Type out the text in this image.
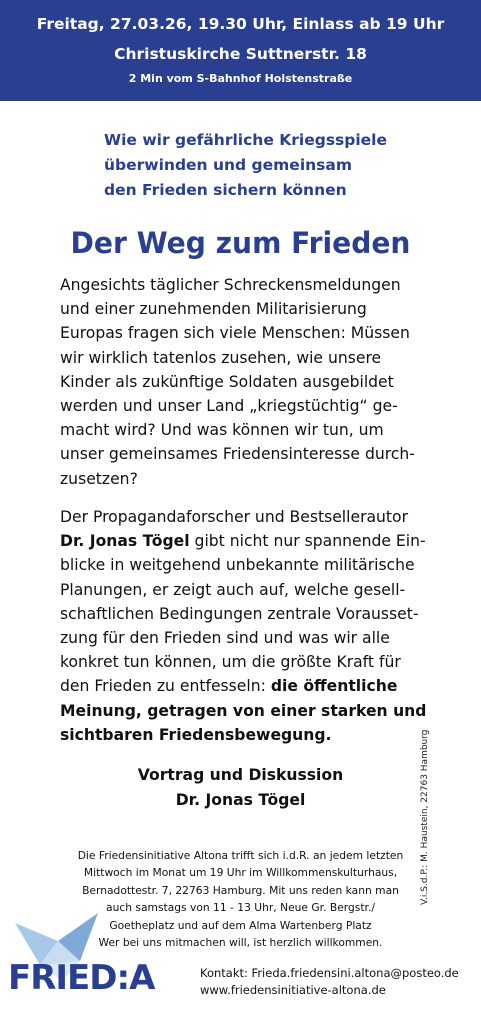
Freitag, 27.03.26, 19.30 Uhr, Einlass ab 19 Uhr
Christuskirche Suttnerstr. 18
2 Min vom S-Bahnhof Holstenstraße
Wie wir gefährliche Kriegsspiele
überwinden und gemeinsam
den Frieden sichern können
Der Weg zum Frieden
Angesichts täglicher Schreckensmeldungen
und einer zunehmenden Militarisierung
Europas fragen sich viele Menschen: Müssen
wir wirklich tatenlos zusehen, wie unsere
Kinder als zukünftige Soldaten ausgebildet
werden und unser Land „kriegstüchtig“ ge-
macht wird? Und was können wir tun, um
unser gemeinsames Friedensinteresse durch-
zusetzen?
Der Propagandaforscher und Bestsellerautor
Dr. Jonas Tögel gibt nicht nur spannende Ein-
blicke in weitgehend unbekannte militärische
Planungen, er zeigt auch auf, welche gesell-
schaftlichen Bedingungen zentrale Vorausset-
zung für den Frieden sind und was wir alle
konkret tun können, um die größte Kraft für
den Frieden zu entfesseln: die öffentliche
Meinung, getragen von einer starken und
sichtbaren Friedensbewegung.
Vortrag und Diskussion
Dr. Jonas Tögel	V.i.S.d.P.: M. Haustein, 22763 Hamburg
Die Friedensinitiative Altona trifft sich i.d.R. an jedem letzten
Mittwoch im Monat um 19 Uhr im Willkommenskulturhaus,
Bernadottestr. 7, 22763 Hamburg. Mit uns reden kann man
auch samstags von 11 - 13 Uhr, Neue Gr. Bergstr./
Goetheplatz und auf dem Alma Wartenberg Platz
Wer bei uns mitmachen will, ist herzlich willkommen.
FRIED:A	Kontakt: Frieda.friedensini.altona@posteo.de
www.friedensinitiative-altona.de
